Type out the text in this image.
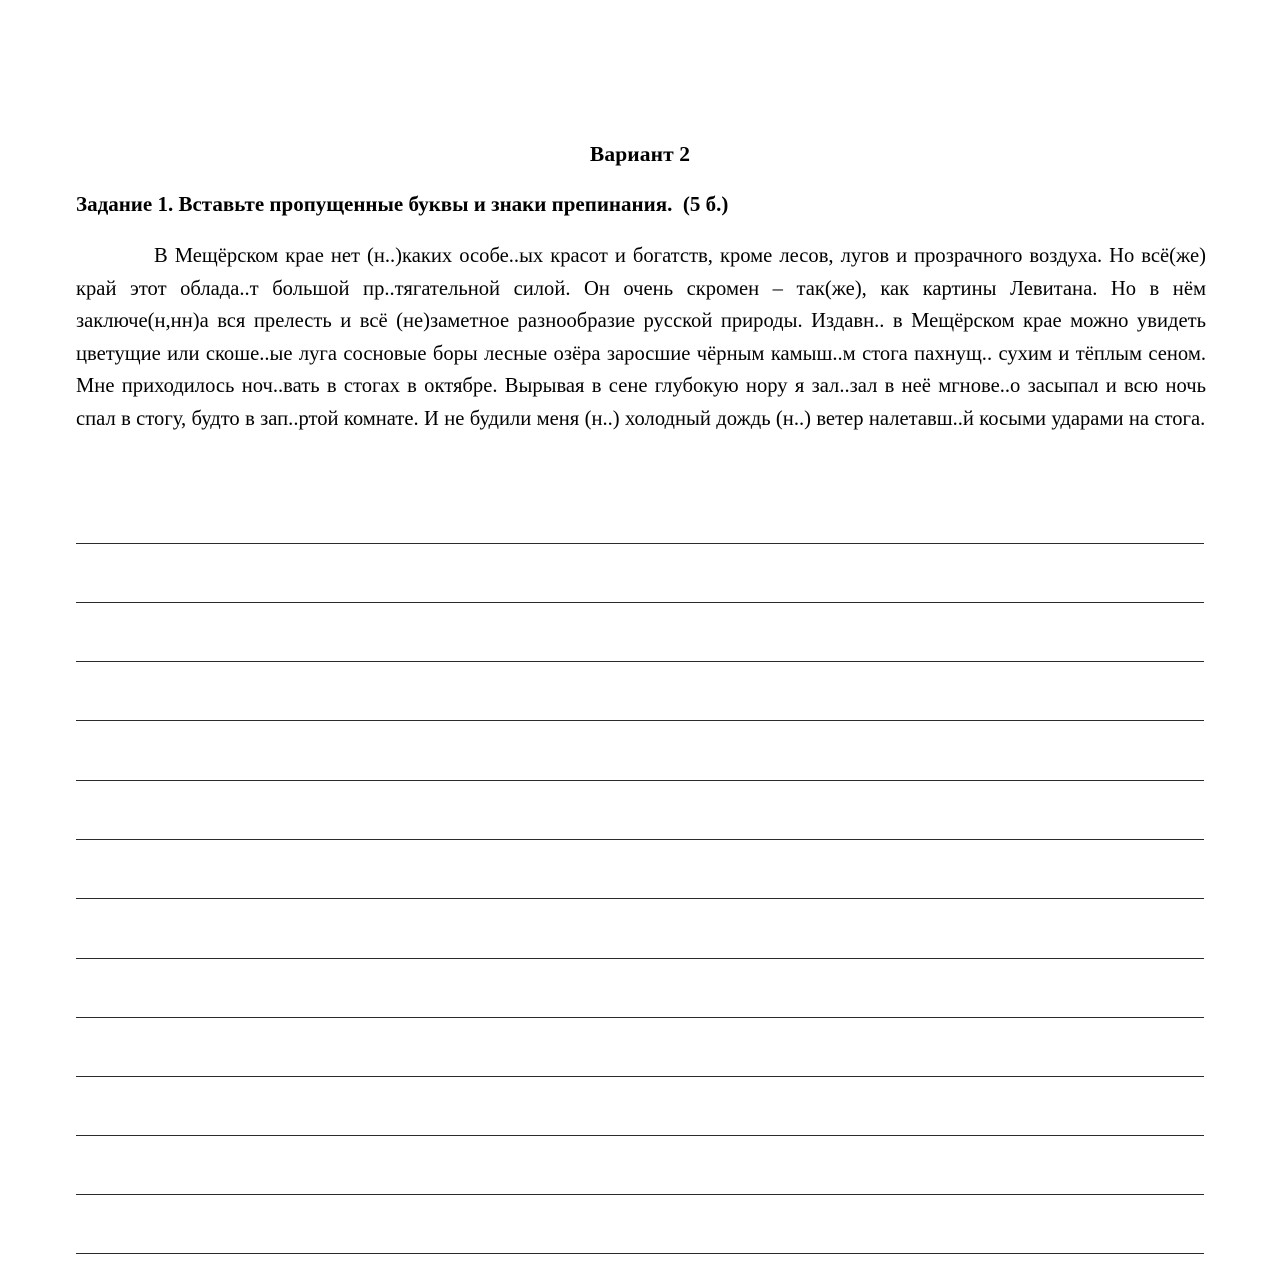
Вариант 2
Задание 1. Вставьте пропущенные буквы и знаки препинания.  (5 б.)
В Мещёрском крае нет (н..)каких особе..ых красот и богатств, кроме лесов, лугов и прозрачного воздуха. Но всё(же) край этот облада..т большой пр..тягательной силой. Он очень скромен – так(же), как картины Левитана. Но в нём заключе(н,нн)а вся прелесть и всё (не)заметное разнообразие русской природы. Издавн.. в Мещёрском крае можно увидеть цветущие или скоше..ые луга сосновые боры лесные озёра заросшие чёрным камыш..м стога пахнущ.. сухим и тёплым сеном. Мне приходилось ноч..вать в стогах в октябре. Вырывая в сене глубокую нору я зал..зал в неё мгнове..о засыпал и всю ночь спал в стогу, будто в зап..ртой комнате. И не будили меня (н..) холодный дождь (н..) ветер налетавш..й косыми ударами на стога.
